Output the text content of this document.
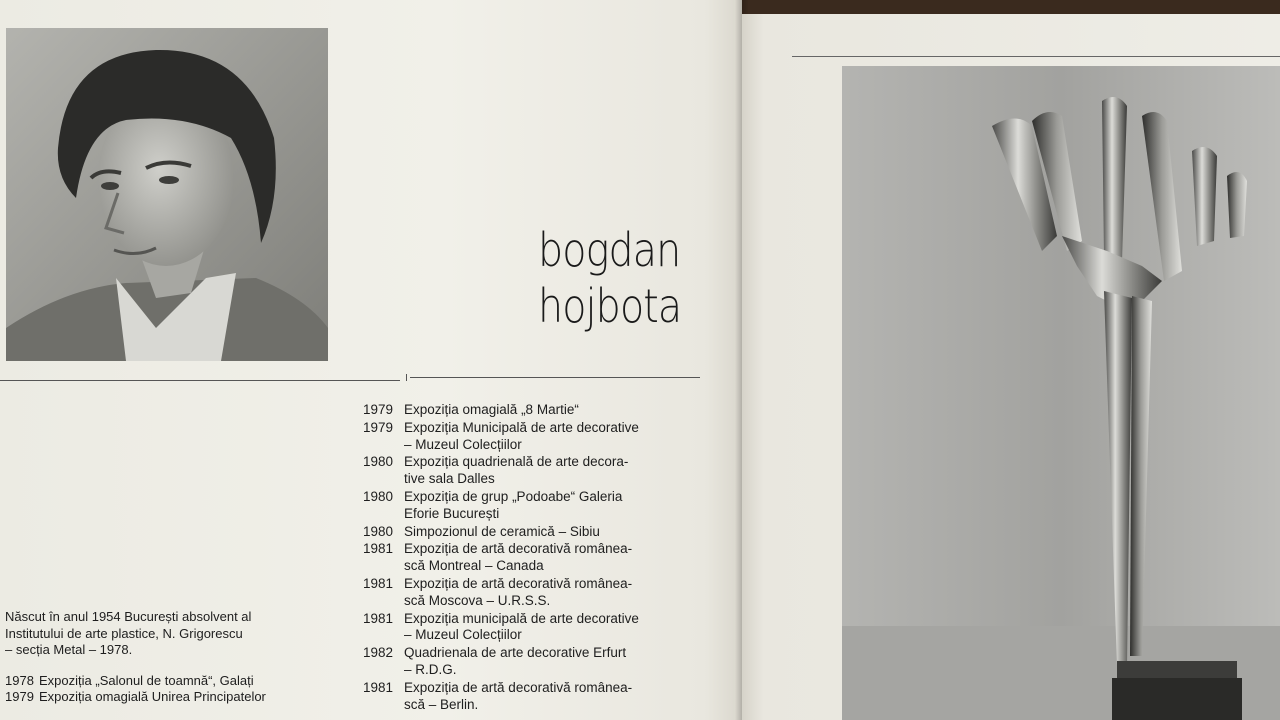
bogdan
hojbota
1979 Expoziția omagială „8 Martie“
1979 Expoziția Municipală de arte decorative
– Muzeul Colecțiilor
1980 Expoziția quadrienală de arte decora-
tive sala Dalles
1980 Expoziția de grup „Podoabe“ Galeria
Eforie București
1980 Simpozionul de ceramică – Sibiu
1981 Expoziția de artă decorativă românea-
scă Montreal – Canada
1981 Expoziția de artă decorativă românea-
scă Moscova – U.R.S.S.
1981 Expoziția municipală de arte decorative
– Muzeul Colecțiilor
1982 Quadrienala de arte decorative Erfurt
– R.D.G.
1981 Expoziția de artă decorativă românea-
scă – Berlin.
Născut în anul 1954 București absolvent al
Institutului de arte plastice, N. Grigorescu
– secția Metal – 1978.
1978 Expoziția „Salonul de toamnă“, Galați
1979 Expoziția omagială Unirea Principatelor
